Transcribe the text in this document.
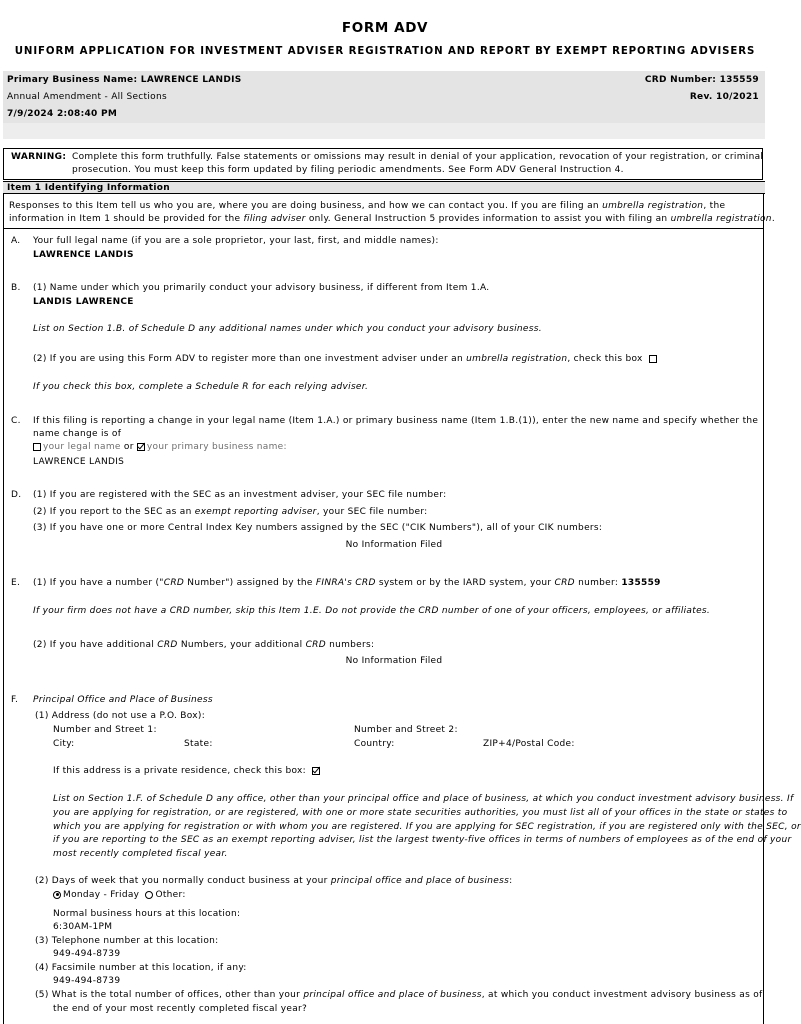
FORM ADV
UNIFORM APPLICATION FOR INVESTMENT ADVISER REGISTRATION AND REPORT BY EXEMPT REPORTING ADVISERS
Primary Business Name: LAWRENCE LANDIS	CRD Number: 135559
Annual Amendment - All Sections	Rev. 10/2021
7/9/2024 2:08:40 PM
WARNING: Complete this form truthfully. False statements or omissions may result in denial of your application, revocation of your registration, or criminal
prosecution. You must keep this form updated by filing periodic amendments. See Form ADV General Instruction 4.
Item 1 Identifying Information
Responses to this Item tell us who you are, where you are doing business, and how we can contact you. If you are filing an umbrella registration, the
information in Item 1 should be provided for the filing adviser only. General Instruction 5 provides information to assist you with filing an umbrella registration.
A. Your full legal name (if you are a sole proprietor, your last, first, and middle names):
LAWRENCE LANDIS
B. (1) Name under which you primarily conduct your advisory business, if different from Item 1.A.
LANDIS LAWRENCE
List on Section 1.B. of Schedule D any additional names under which you conduct your advisory business.
(2) If you are using this Form ADV to register more than one investment adviser under an umbrella registration, check this box
If you check this box, complete a Schedule R for each relying adviser.
C. If this filing is reporting a change in your legal name (Item 1.A.) or primary business name (Item 1.B.(1)), enter the new name and specify whether the
name change is of
your legal name or your primary business name:
LAWRENCE LANDIS
D. (1) If you are registered with the SEC as an investment adviser, your SEC file number:
(2) If you report to the SEC as an exempt reporting adviser, your SEC file number:
(3) If you have one or more Central Index Key numbers assigned by the SEC ("CIK Numbers"), all of your CIK numbers:
No Information Filed
E. (1) If you have a number ("CRD Number") assigned by the FINRA's CRD system or by the IARD system, your CRD number: 135559
If your firm does not have a CRD number, skip this Item 1.E. Do not provide the CRD number of one of your officers, employees, or affiliates.
(2) If you have additional CRD Numbers, your additional CRD numbers:
No Information Filed
F. Principal Office and Place of Business
(1) Address (do not use a P.O. Box):
Number and Street 1:	Number and Street 2:
City:	State:	Country:	ZIP+4/Postal Code:
If this address is a private residence, check this box:
List on Section 1.F. of Schedule D any office, other than your principal office and place of business, at which you conduct investment advisory business. If
you are applying for registration, or are registered, with one or more state securities authorities, you must list all of your offices in the state or states to
which you are applying for registration or with whom you are registered. If you are applying for SEC registration, if you are registered only with the SEC, or
if you are reporting to the SEC as an exempt reporting adviser, list the largest twenty-five offices in terms of numbers of employees as of the end of your
most recently completed fiscal year.
(2) Days of week that you normally conduct business at your principal office and place of business:
Monday - Friday Other:
Normal business hours at this location:
6:30AM-1PM
(3) Telephone number at this location:
949-494-8739
(4) Facsimile number at this location, if any:
949-494-8739
(5) What is the total number of offices, other than your principal office and place of business, at which you conduct investment advisory business as of
the end of your most recently completed fiscal year?
